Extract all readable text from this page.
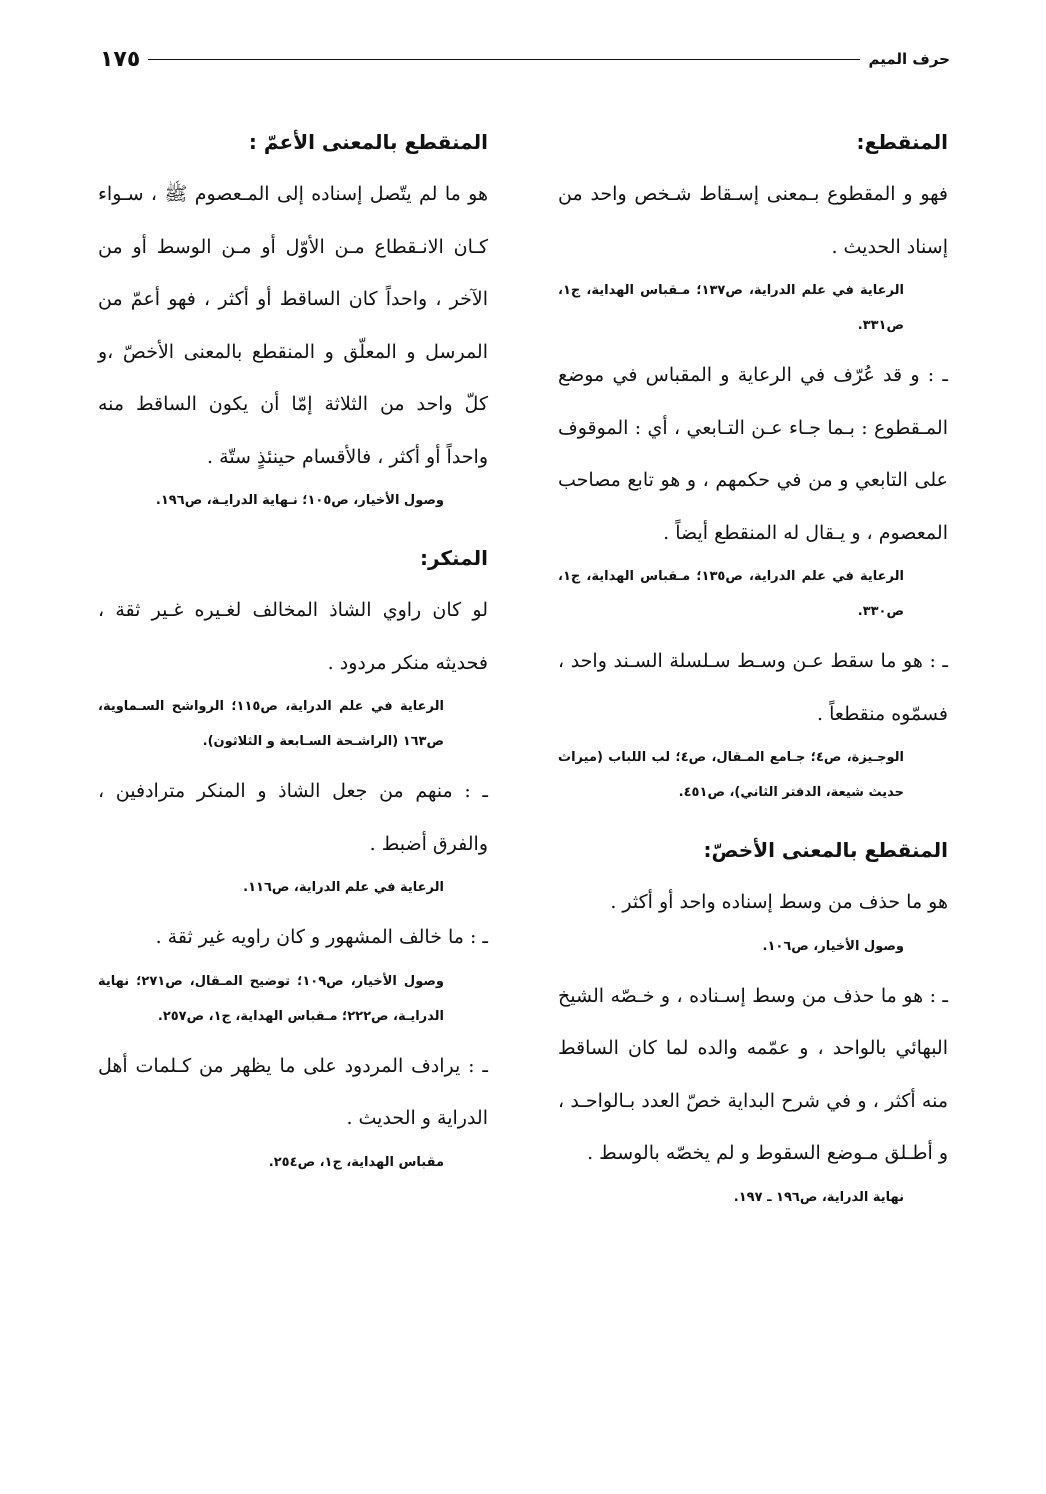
حرف الميم
١٧٥
المنقطع:

فهو و المقطوع بـمعنى إسـقاط شـخص واحد من إسناد الحديث .

الرعاية في علم الدراية، ص١٣٧؛ مـقباس الهداية، ج١، ص٣٣١.

ـ : و قد عُرّف في الرعاية و المقباس في موضع المـقطوع : بـما جـاء عـن التـابعي ، أي : الموقوف على التابعي و من في حكمهم ، و هو تابع مصاحب المعصوم ، و يـقال له المنقطع أيضاً .

الرعاية في علم الدراية، ص١٣٥؛ مـقباس الهداية، ج١، ص٣٣٠.

ـ : هو ما سقط عـن وسـط سـلسلة السـند واحد ، فسمّوه منقطعاً .

الوجـيزة، ص٤؛ جـامع المـقال، ص٤؛ لب اللباب (ميراث حديث شيعة، الدفتر الثاني)، ص٤٥١.

المنقطع بالمعنى الأخصّ:

هو ما حذف من وسط إسناده واحد أو أكثر .

وصول الأخيار، ص١٠٦.

ـ : هو ما حذف من وسط إسـناده ، و خـصّه الشيخ البهائي بالواحد ، و عمّمه والده لما كان الساقط منه أكثر ، و في شرح البداية خصّ العدد بـالواحـد ، و أطـلق مـوضع السقوط و لم يخصّه بالوسط .

نهاية الدراية، ص١٩٦ ـ ١٩٧.

المنقطع بالمعنى الأعمّ :

هو ما لم يتّصل إسناده إلى المـعصوم ﷺ ، سـواء كـان الانـقطاع مـن الأوّل أو مـن الوسط أو من الآخر ، واحداً كان الساقط أو أكثر ، فهو أعمّ من المرسل و المعلّق و المنقطع بالمعنى الأخصّ ،و كلّ واحد من الثلاثة إمّا أن يكون الساقط منه واحداً أو أكثر ، فالأقسام حينئذٍ ستّة .

وصول الأخيار، ص١٠٥؛ نـهاية الدرايـة، ص١٩٦.

المنكر:

لو كان راوي الشاذ المخالف لغـيره غـير ثقة ، فحديثه منكر مردود .

الرعاية في علم الدراية، ص١١٥؛ الرواشح السـماوية، ص١٦٣ (الراشـحة السـابعة و الثلاثون).

ـ : منهم من جعل الشاذ و المنكر مترادفين ، والفرق أضبط .

الرعاية في علم الدراية، ص١١٦.

ـ : ما خالف المشهور و كان راويه غير ثقة .

وصول الأخيار، ص١٠٩؛ توضيح المـقال، ص٢٧١؛ نهاية الدرايـة، ص٢٢٢؛ مـقباس الهداية، ج١، ص٢٥٧.

ـ : يرادف المردود على ما يظهر من كـلمات أهل الدراية و الحديث .

مقباس الهداية، ج١، ص٢٥٤.
